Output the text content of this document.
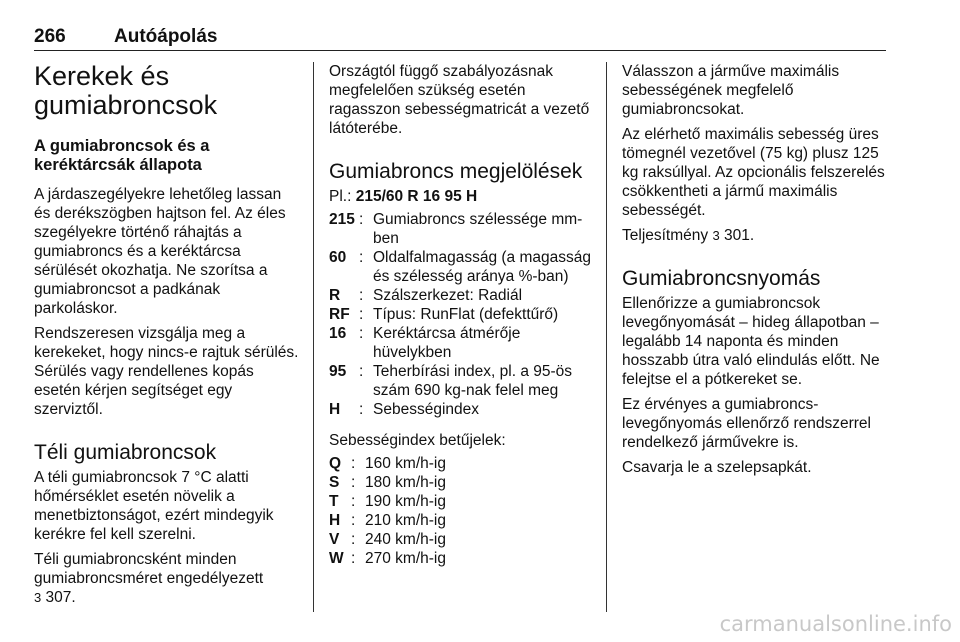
266	Autóápolás
Kerekek és gumiabroncsok
A gumiabroncsok és a keréktárcsák állapota

A járdaszegélyekre lehetőleg lassan és derékszögben hajtson fel. Az éles szegélyekre történő ráhajtás a gumiabroncs és a keréktárcsa sérülését okozhatja. Ne szorítsa a gumiabroncsot a padkának parkoláskor.

Rendszeresen vizsgálja meg a kerekeket, hogy nincs-e rajtuk sérülés. Sérülés vagy rendellenes kopás esetén kérjen segítséget egy szerviztől.

Téli gumiabroncsok

A téli gumiabroncsok 7 °C alatti hőmérséklet esetén növelik a menetbiztonságot, ezért mindegyik kerékre fel kell szerelni.

Téli gumiabroncsként minden gumiabroncsméret engedélyezett
3 307.

Országtól függő szabályozásnak megfelelően szükség esetén ragasszon sebességmatricát a vezető látóterébe.

Gumiabroncs megjelölések

Pl.: 215/60 R 16 95 H

215 : Gumiabroncs szélessége mm-ben
60 : Oldalfalmagasság (a magasság és szélesség aránya %-ban)
R	: Szálszerkezet: Radiál
RF : Típus: RunFlat (defekttűrő)
16 : Keréktárcsa átmérője hüvelykben
95 : Teherbírási index, pl. a 95-ös szám 690 kg-nak felel meg
H	: Sebességindex

Sebességindex betűjelek:

Q : 160 km/h-ig
S : 180 km/h-ig
T : 190 km/h-ig
H : 210 km/h-ig
V : 240 km/h-ig
W : 270 km/h-ig

Válasszon a járműve maximális sebességének megfelelő gumiabroncsokat.

Az elérhető maximális sebesség üres tömegnél vezetővel (75 kg) plusz 125 kg raksúllyal. Az opcionális felszerelés csökkentheti a jármű maximális sebességét.

Teljesítmény 3 301.

Gumiabroncsnyomás

Ellenőrizze a gumiabroncsok levegőnyomását – hideg állapotban – legalább 14 naponta és minden hosszabb útra való elindulás előtt. Ne felejtse el a pótkereket se.

Ez érvényes a gumiabroncs-levegőnyomás ellenőrző rendszerrel rendelkező járművekre is.

Csavarja le a szelepsapkát.

carmanualsonline.info
